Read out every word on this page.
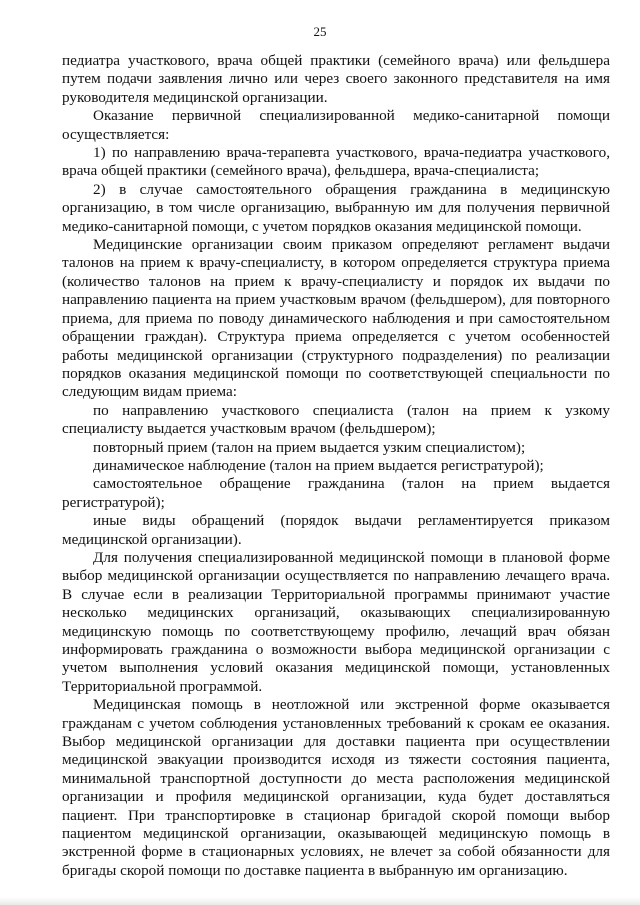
25

педиатра участкового, врача общей практики (семейного врача) или фельдшера путем подачи заявления лично или через своего законного представителя на имя руководителя медицинской организации.

Оказание первичной специализированной медико-санитарной помощи осуществляется:

1) по направлению врача-терапевта участкового, врача-педиатра участкового, врача общей практики (семейного врача), фельдшера, врача-специалиста;

2) в случае самостоятельного обращения гражданина в медицинскую организацию, в том числе организацию, выбранную им для получения первичной медико-санитарной помощи, с учетом порядков оказания медицинской помощи.

Медицинские организации своим приказом определяют регламент выдачи талонов на прием к врачу-специалисту, в котором определяется структура приема (количество талонов на прием к врачу-специалисту и порядок их выдачи по направлению пациента на прием участковым врачом (фельдшером), для повторного приема, для приема по поводу динамического наблюдения и при самостоятельном обращении граждан). Структура приема определяется с учетом особенностей работы медицинской организации (структурного подразделения) по реализации порядков оказания медицинской помощи по соответствующей специальности по следующим видам приема:

по направлению участкового специалиста (талон на прием к узкому специалисту выдается участковым врачом (фельдшером);

повторный прием (талон на прием выдается узким специалистом);

динамическое наблюдение (талон на прием выдается регистратурой);

самостоятельное обращение гражданина (талон на прием выдается регистратурой);

иные виды обращений (порядок выдачи регламентируется приказом медицинской организации).

Для получения специализированной медицинской помощи в плановой форме выбор медицинской организации осуществляется по направлению лечащего врача. В случае если в реализации Территориальной программы принимают участие несколько медицинских организаций, оказывающих специализированную медицинскую помощь по соответствующему профилю, лечащий врач обязан информировать гражданина о возможности выбора медицинской организации с учетом выполнения условий оказания медицинской помощи, установленных Территориальной программой.

Медицинская помощь в неотложной или экстренной форме оказывается гражданам с учетом соблюдения установленных требований к срокам ее оказания. Выбор медицинской организации для доставки пациента при осуществлении медицинской эвакуации производится исходя из тяжести состояния пациента, минимальной транспортной доступности до места расположения медицинской организации и профиля медицинской организации, куда будет доставляться пациент. При транспортировке в стационар бригадой скорой помощи выбор пациентом медицинской организации, оказывающей медицинскую помощь в экстренной форме в стационарных условиях, не влечет за собой обязанности для бригады скорой помощи по доставке пациента в выбранную им организацию.
